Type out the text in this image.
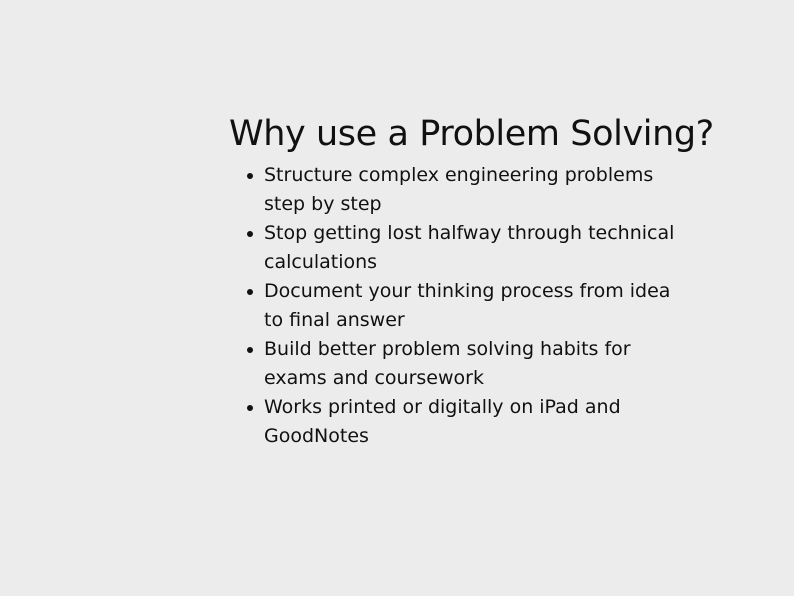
Why use a Problem Solving?
Structure complex engineering problems step by step
Stop getting lost halfway through technical calculations
Document your thinking process from idea to final answer
Build better problem solving habits for exams and coursework
Works printed or digitally on iPad and GoodNotes
